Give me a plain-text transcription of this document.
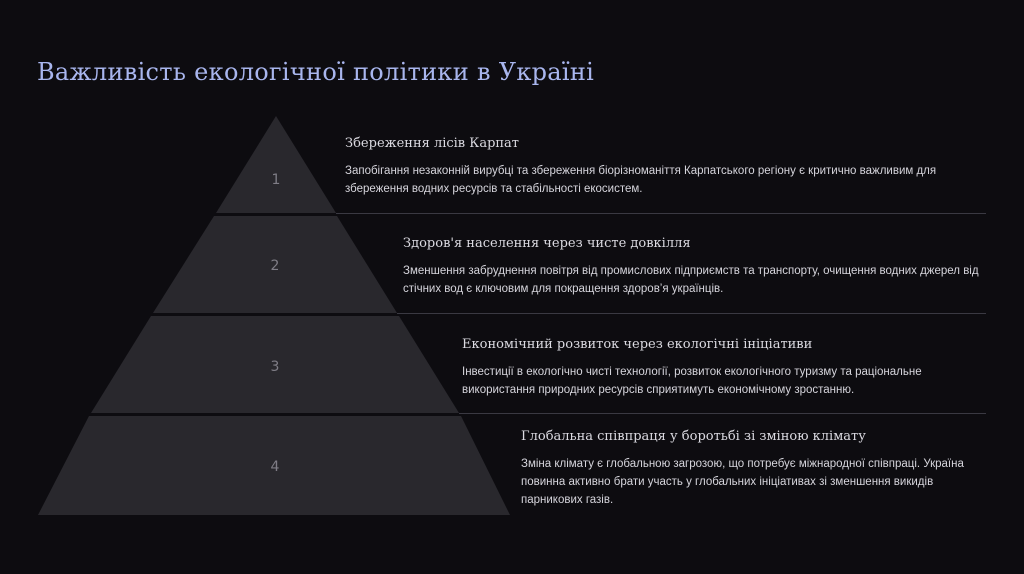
Важливість екологічної політики в Україні
1
2
3
4
Збереження лісів Карпат
Запобігання незаконній вирубці та збереження біорізноманіття Карпатського регіону є критично важливим для збереження водних ресурсів та стабільності екосистем.
Здоров'я населення через чисте довкілля
Зменшення забруднення повітря від промислових підприємств та транспорту, очищення водних джерел від стічних вод є ключовим для покращення здоров’я українців.
Економічний розвиток через екологічні ініціативи
Інвестиції в екологічно чисті технології, розвиток екологічного туризму та раціональне використання природних ресурсів сприятимуть економічному зростанню.
Глобальна співпраця у боротьбі зі зміною клімату
Зміна клімату є глобальною загрозою, що потребує міжнародної співпраці. Україна повинна активно брати участь у глобальних ініціативах зі зменшення викидів парникових газів.
